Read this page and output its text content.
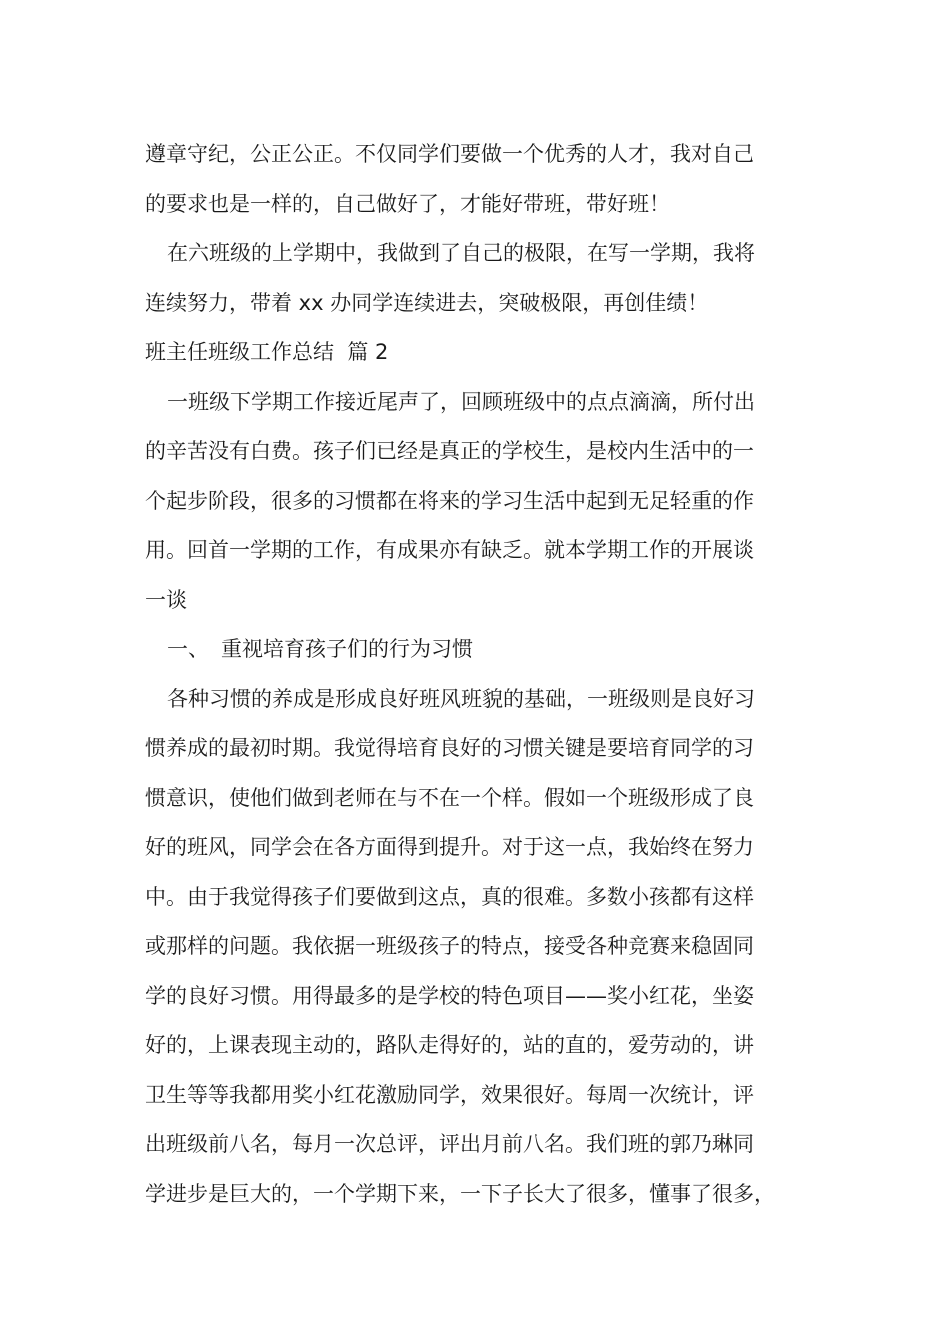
遵章守纪，公正公正。不仅同学们要做一个优秀的人才，我对自己
的要求也是一样的，自己做好了，才能好带班，带好班！
在六班级的上学期中，我做到了自己的极限，在写一学期，我将
连续努力，带着 xx 办同学连续进去，突破极限，再创佳绩！
班主任班级工作总结  篇 2
一班级下学期工作接近尾声了，回顾班级中的点点滴滴，所付出
的辛苦没有白费。孩子们已经是真正的学校生，是校内生活中的一
个起步阶段，很多的习惯都在将来的学习生活中起到无足轻重的作
用。回首一学期的工作，有成果亦有缺乏。就本学期工作的开展谈
一谈
一、 重视培育孩子们的行为习惯
各种习惯的养成是形成良好班风班貌的基础，一班级则是良好习
惯养成的最初时期。我觉得培育良好的习惯关键是要培育同学的习
惯意识，使他们做到老师在与不在一个样。假如一个班级形成了良
好的班风，同学会在各方面得到提升。对于这一点，我始终在努力
中。由于我觉得孩子们要做到这点，真的很难。多数小孩都有这样
或那样的问题。我依据一班级孩子的特点，接受各种竞赛来稳固同
学的良好习惯。用得最多的是学校的特色项目——奖小红花，坐姿
好的，上课表现主动的，路队走得好的，站的直的，爱劳动的，讲
卫生等等我都用奖小红花激励同学，效果很好。每周一次统计，评
出班级前八名，每月一次总评，评出月前八名。我们班的郭乃琳同
学进步是巨大的，一个学期下来，一下子长大了很多，懂事了很多，
